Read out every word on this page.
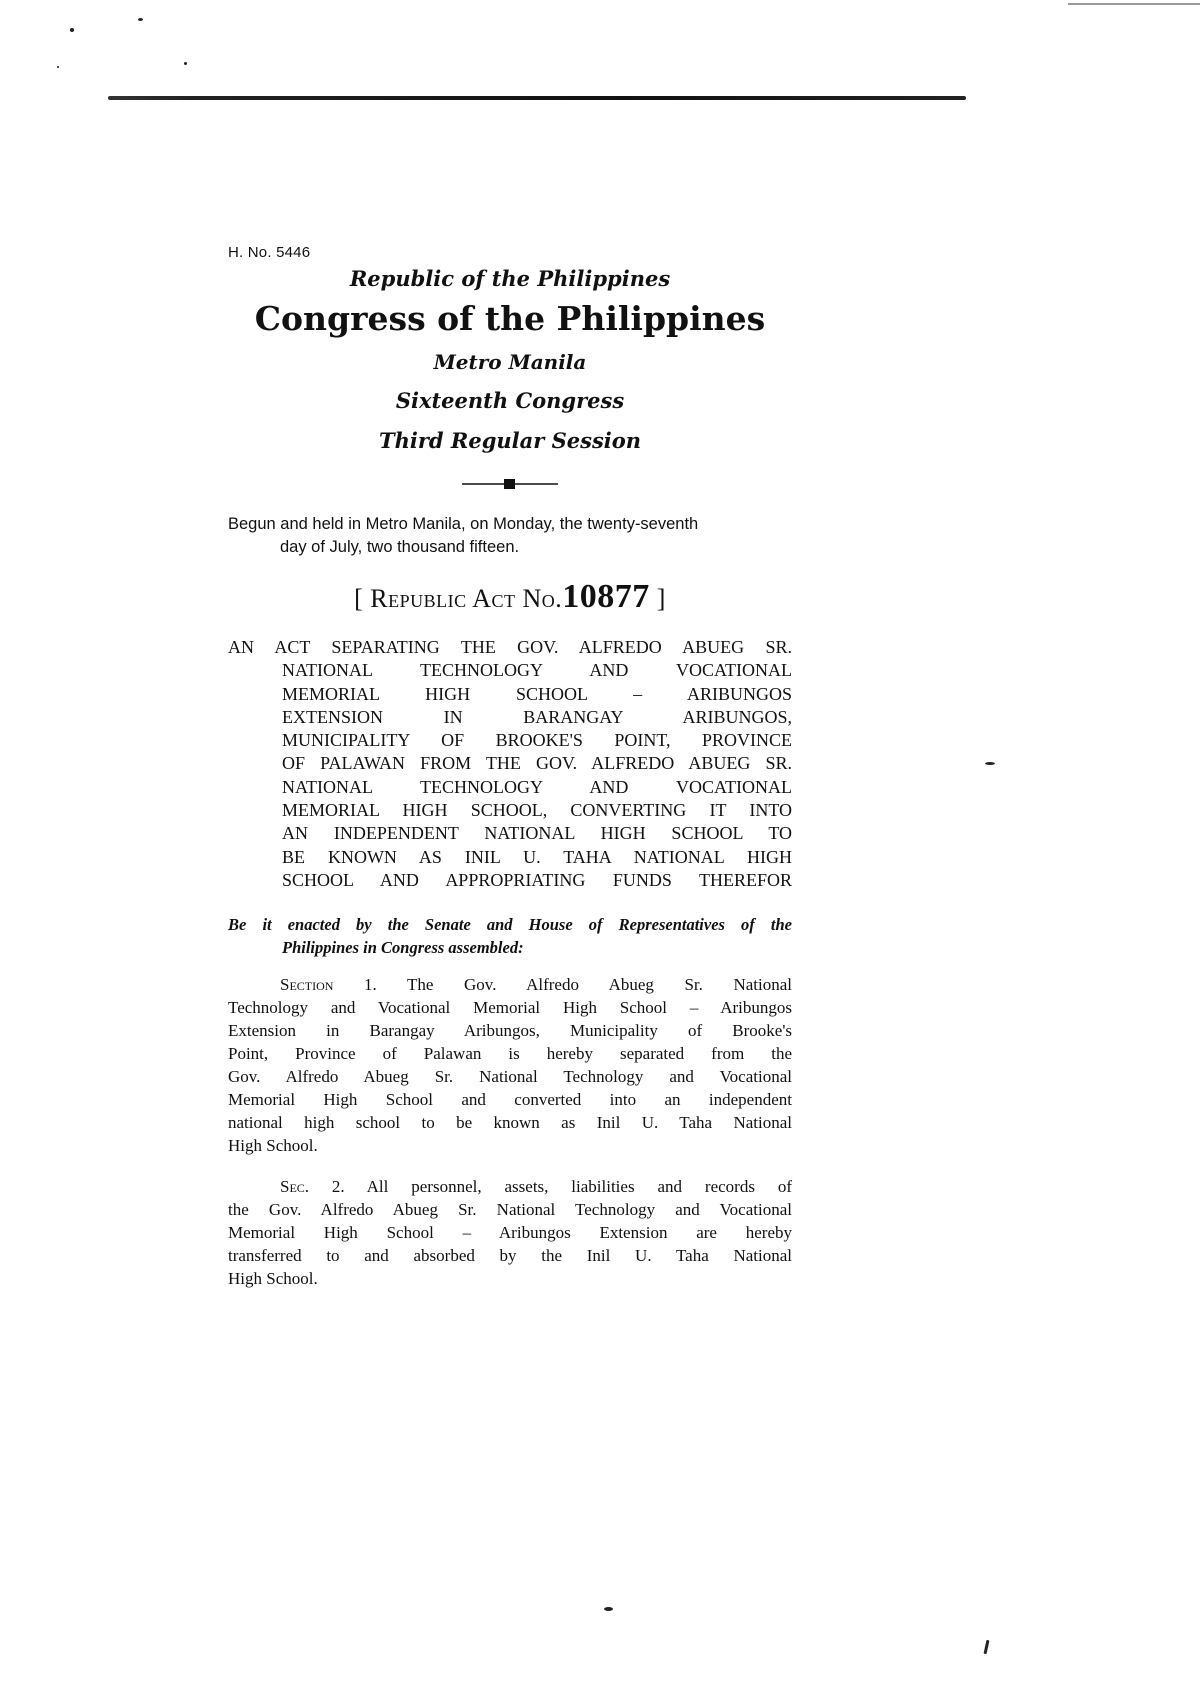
H. No. 5446
Republic of the Philippines
Congress of the Philippines
Metro Manila
Sixteenth Congress
Third Regular Session
Begun and held in Metro Manila, on Monday, the twenty-seventh
day of July, two thousand fifteen.
[ Republic Act No.10877 ]
AN ACT SEPARATING THE GOV. ALFREDO ABUEG SR.
NATIONAL TECHNOLOGY AND VOCATIONAL
MEMORIAL HIGH SCHOOL – ARIBUNGOS
EXTENSION IN BARANGAY ARIBUNGOS,
MUNICIPALITY OF BROOKE'S POINT, PROVINCE
OF PALAWAN FROM THE GOV. ALFREDO ABUEG SR.
NATIONAL TECHNOLOGY AND VOCATIONAL
MEMORIAL HIGH SCHOOL, CONVERTING IT INTO
AN INDEPENDENT NATIONAL HIGH SCHOOL TO
BE KNOWN AS INIL U. TAHA NATIONAL HIGH
SCHOOL AND APPROPRIATING FUNDS THEREFOR
Be it enacted by the Senate and House of Representatives of the
Philippines in Congress assembled:
Section 1. The Gov. Alfredo Abueg Sr. National
Technology and Vocational Memorial High School – Aribungos
Extension in Barangay Aribungos, Municipality of Brooke's
Point, Province of Palawan is hereby separated from the
Gov. Alfredo Abueg Sr. National Technology and Vocational
Memorial High School and converted into an independent
national high school to be known as Inil U. Taha National
High School.
Sec. 2. All personnel, assets, liabilities and records of
the Gov. Alfredo Abueg Sr. National Technology and Vocational
Memorial High School – Aribungos Extension are hereby
transferred to and absorbed by the Inil U. Taha National
High School.
